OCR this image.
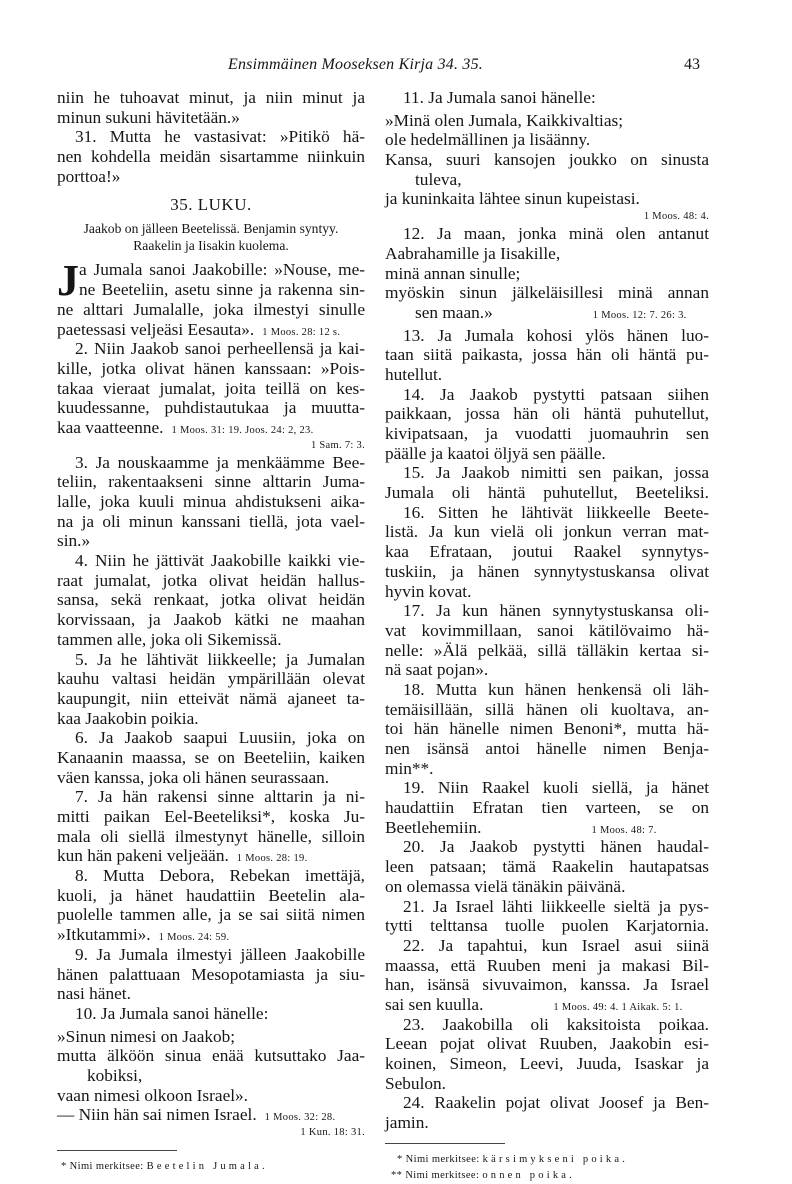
Ensimmäinen Mooseksen Kirja 34. 35.	43
niin he tuhoavat minut, ja niin minut ja
minun sukuni hävitetään.»
31. Mutta he vastasivat: »Pitikö hä-
nen kohdella meidän sisartamme niinkuin
porttoa!»
35. LUKU.
Jaakob on jälleen Beetelissä. Benjamin syntyy.
Raakelin ja Iisakin kuolema.
J a Jumala sanoi Jaakobille: »Nouse, me-
ne Beeteliin, asetu sinne ja rakenna sin-
ne alttari Jumalalle, joka ilmestyi sinulle
paetessasi veljeäsi Eesauta». 1 Moos. 28: 12 s.
2. Niin Jaakob sanoi perheellensä ja kai-
kille, jotka olivat hänen kanssaan: »Pois-
takaa vieraat jumalat, joita teillä on kes-
kuudessanne, puhdistautukaa ja muutta-
kaa vaatteenne. 1 Moos. 31: 19. Joos. 24: 2, 23.
1 Sam. 7: 3.
3. Ja nouskaamme ja menkäämme Bee-
teliin, rakentaakseni sinne alttarin Juma-
lalle, joka kuuli minua ahdistukseni aika-
na ja oli minun kanssani tiellä, jota vael-
sin.»
4. Niin he jättivät Jaakobille kaikki vie-
raat jumalat, jotka olivat heidän hallus-
sansa, sekä renkaat, jotka olivat heidän
korvissaan, ja Jaakob kätki ne maahan
tammen alle, joka oli Sikemissä.
5. Ja he lähtivät liikkeelle; ja Jumalan
kauhu valtasi heidän ympärillään olevat
kaupungit, niin etteivät nämä ajaneet ta-
kaa Jaakobin poikia.
6. Ja Jaakob saapui Luusiin, joka on
Kanaanin maassa, se on Beeteliin, kaiken
väen kanssa, joka oli hänen seurassaan.
7. Ja hän rakensi sinne alttarin ja ni-
mitti paikan Eel-Beeteliksi*, koska Ju-
mala oli siellä ilmestynyt hänelle, silloin
kun hän pakeni veljeään. 1 Moos. 28: 19.
8. Mutta Debora, Rebekan imettäjä,
kuoli, ja hänet haudattiin Beetelin ala-
puolelle tammen alle, ja se sai siitä nimen
»Itkutammi». 1 Moos. 24: 59.
9. Ja Jumala ilmestyi jälleen Jaakobille
hänen palattuaan Mesopotamiasta ja siu-
nasi hänet.
10. Ja Jumala sanoi hänelle:
»Sinun nimesi on Jaakob;
mutta älköön sinua enää kutsuttako Jaa-
kobiksi,
vaan nimesi olkoon Israel».
— Niin hän sai nimen Israel. 1 Moos. 32: 28.
1 Kun. 18: 31.
* Nimi merkitsee: Beetelin Jumala.
11. Ja Jumala sanoi hänelle:
»Minä olen Jumala, Kaikkivaltias;
ole hedelmällinen ja lisäänny.
Kansa, suuri kansojen joukko on sinusta
tuleva,
ja kuninkaita lähtee sinun kupeistasi.
1 Moos. 48: 4.
12. Ja maan, jonka minä olen antanut
Aabrahamille ja Iisakille,
minä annan sinulle;
myöskin sinun jälkeläisillesi minä annan
sen maan.»	1 Moos. 12: 7. 26: 3.
13. Ja Jumala kohosi ylös hänen luo-
taan siitä paikasta, jossa hän oli häntä pu-
hutellut.
14. Ja Jaakob pystytti patsaan siihen
paikkaan, jossa hän oli häntä puhutellut,
kivipatsaan, ja vuodatti juomauhrin sen
päälle ja kaatoi öljyä sen päälle.
15. Ja Jaakob nimitti sen paikan, jossa
Jumala oli häntä puhutellut, Beeteliksi.
16. Sitten he lähtivät liikkeelle Beete-
listä. Ja kun vielä oli jonkun verran mat-
kaa Efrataan, joutui Raakel synnytys-
tuskiin, ja hänen synnytystuskansa olivat
hyvin kovat.
17. Ja kun hänen synnytystuskansa oli-
vat kovimmillaan, sanoi kätilövaimo hä-
nelle: »Älä pelkää, sillä tälläkin kertaa si-
nä saat pojan».
18. Mutta kun hänen henkensä oli läh-
temäisillään, sillä hänen oli kuoltava, an-
toi hän hänelle nimen Benoni*, mutta hä-
nen isänsä antoi hänelle nimen Benja-
min**.
19. Niin Raakel kuoli siellä, ja hänet
haudattiin Efratan tien varteen, se on
Beetlehemiin.	1 Moos. 48: 7.
20. Ja Jaakob pystytti hänen haudal-
leen patsaan; tämä Raakelin hautapatsas
on olemassa vielä tänäkin päivänä.
21. Ja Israel lähti liikkeelle sieltä ja pys-
tytti telttansa tuolle puolen Karjatornia.
22. Ja tapahtui, kun Israel asui siinä
maassa, että Ruuben meni ja makasi Bil-
han, isänsä sivuvaimon, kanssa. Ja Israel
sai sen kuulla.	1 Moos. 49: 4. 1 Aikak. 5: 1.
23. Jaakobilla oli kaksitoista poikaa.
Leean pojat olivat Ruuben, Jaakobin esi-
koinen, Simeon, Leevi, Juuda, Isaskar ja
Sebulon.
24. Raakelin pojat olivat Joosef ja Ben-
jamin.
* Nimi merkitsee: kärsimykseni poika.
** Nimi merkitsee: onnen poika.
